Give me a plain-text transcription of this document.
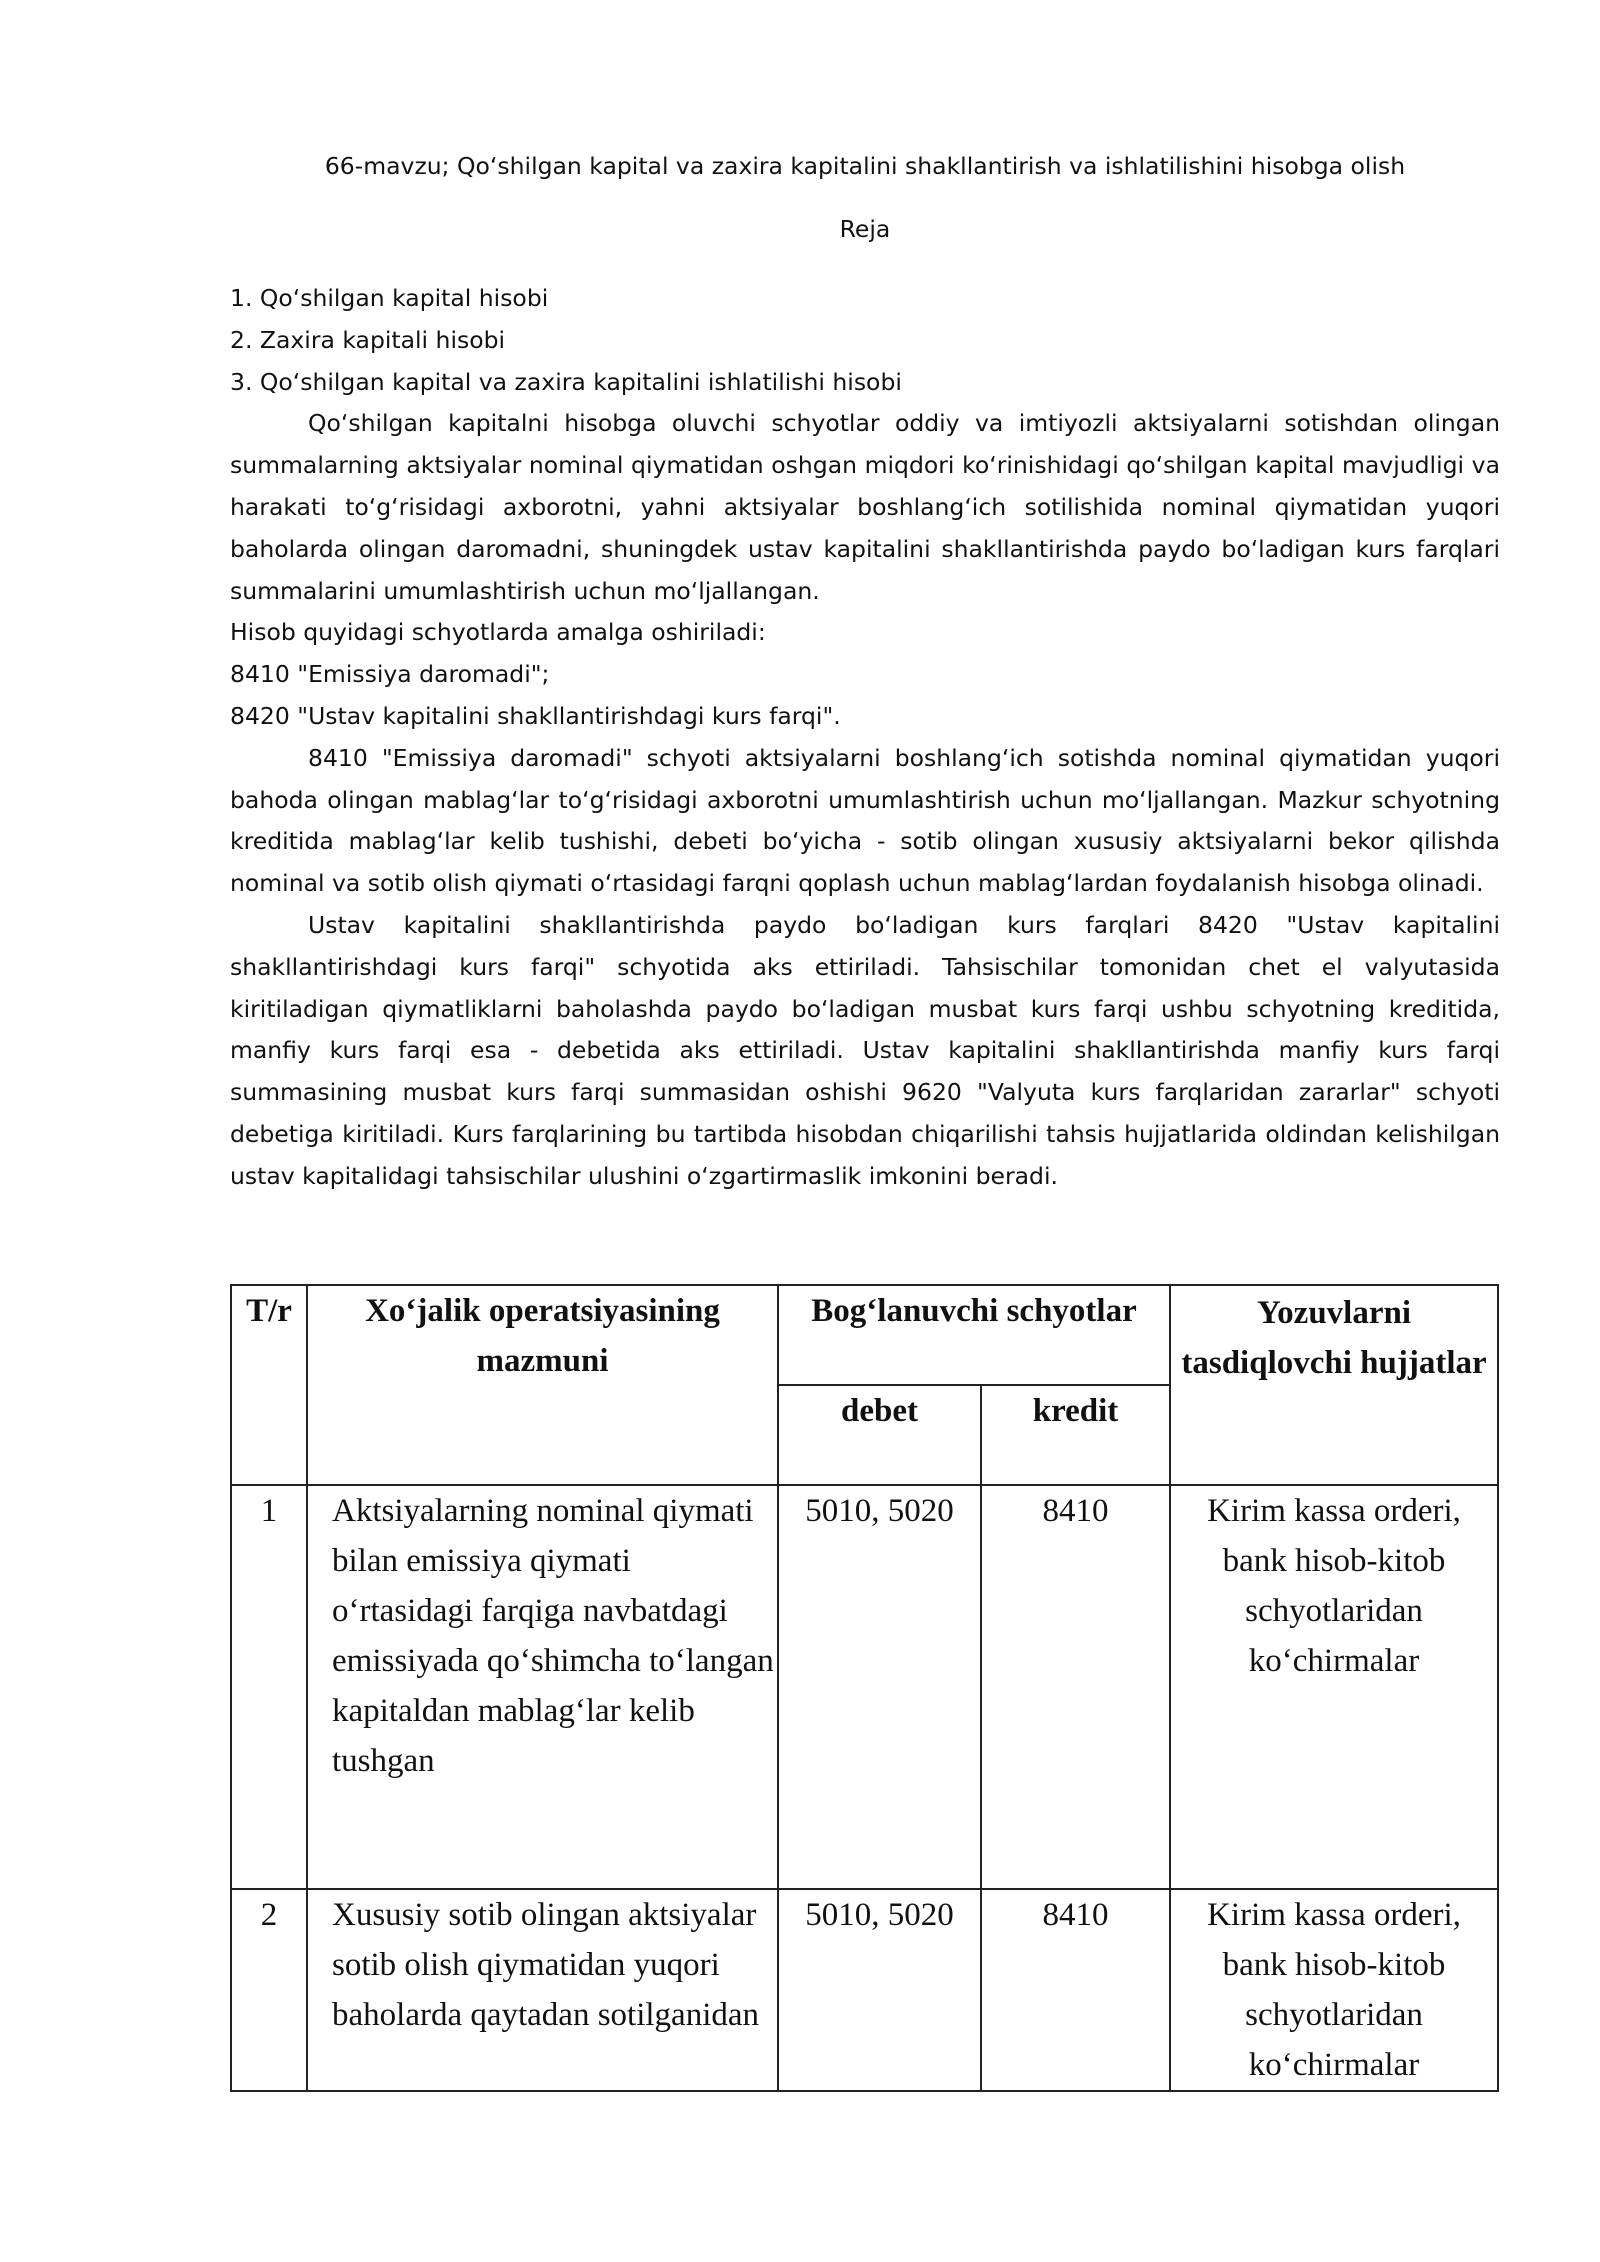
66-mavzu; Qo‘shilgan kapital va zaxira kapitalini shakllantirish va ishlatilishini hisobga olish
Reja

1. Qo‘shilgan kapital hisobi

2. Zaxira kapitali hisobi

3. Qo‘shilgan kapital va zaxira kapitalini ishlatilishi hisobi

Qo‘shilgan kapitalni hisobga oluvchi schyotlar oddiy va imtiyozli aktsiyalarni sotishdan olingan summalarning aktsiyalar nominal qiymatidan oshgan miqdori ko‘rinishidagi qo‘shilgan kapital mavjudligi va harakati to‘g‘risidagi axborotni, yahni aktsiyalar boshlang‘ich sotilishida nominal qiymatidan yuqori baholarda olingan daromadni, shuningdek ustav kapitalini shakllantirishda paydo bo‘ladigan kurs farqlari summalarini umumlashtirish uchun mo‘ljallangan.

Hisob quyidagi schyotlarda amalga oshiriladi:

8410 "Emissiya daromadi";

8420 "Ustav kapitalini shakllantirishdagi kurs farqi".

8410 "Emissiya daromadi" schyoti aktsiyalarni boshlang‘ich sotishda nominal qiymatidan yuqori bahoda olingan mablag‘lar to‘g‘risidagi axborotni umumlashtirish uchun mo‘ljallangan. Mazkur schyotning kreditida mablag‘lar kelib tushishi, debeti bo‘yicha - sotib olingan xususiy aktsiyalarni bekor qilishda nominal va sotib olish qiymati o‘rtasidagi farqni qoplash uchun mablag‘lardan foydalanish hisobga olinadi.

Ustav kapitalini shakllantirishda paydo bo‘ladigan kurs farqlari 8420 "Ustav kapitalini shakllantirishdagi kurs farqi" schyotida aks ettiriladi. Tahsischilar tomonidan chet el valyutasida kiritiladigan qiymatliklarni baholashda paydo bo‘ladigan musbat kurs farqi ushbu schyotning kreditida, manfiy kurs farqi esa - debetida aks ettiriladi. Ustav kapitalini shakllantirishda manfiy kurs farqi summasining musbat kurs farqi summasidan oshishi 9620 "Valyuta kurs farqlaridan zararlar" schyoti debetiga kiritiladi. Kurs farqlarining bu tartibda hisobdan chiqarilishi tahsis hujjatlarida oldindan kelishilgan ustav kapitalidagi tahsischilar ulushini o‘zgartirmaslik imkonini beradi.

T/r	Xo‘jalik operatsiyasining mazmuni	Bog‘lanuvchi schyotlar		Yozuvlarni tasdiqlovchi hujjatlar
		debet	kredit	
1	Aktsiyalarning nominal qiymati bilan emissiya qiymati o‘rtasidagi farqiga navbatdagi emissiyada qo‘shimcha to‘langan kapitaldan mablag‘lar kelib tushgan	5010, 5020	8410	Kirim kassa orderi, bank hisob-kitob schyotlaridan ko‘chirmalar
2	Xususiy sotib olingan aktsiyalar sotib olish qiymatidan yuqori baholarda qaytadan sotilganidan	5010, 5020	8410	Kirim kassa orderi, bank hisob-kitob schyotlaridan ko‘chirmalar
